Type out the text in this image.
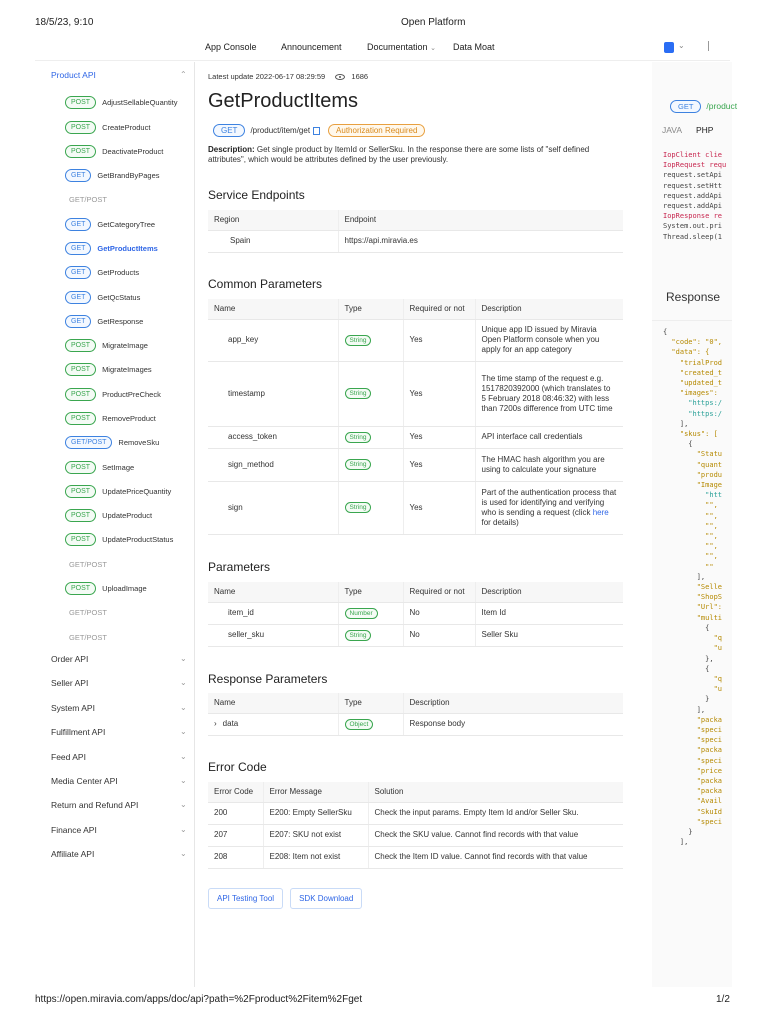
18/5/23, 9:10	Open Platform
https://open.miravia.com/apps/doc/api?path=%2Fproduct%2Fitem%2Fget	1/2
App Console	Announcement	Documentation ⌄ Data Moat	⌄
Product API	⌃
POST	AdjustSellableQuantity
POST	CreateProduct
POST	DeactivateProduct
GET	GetBrandByPages
GET/POST
GET	GetCategoryTree
GET	GetProductItems
GET	GetProducts
GET	GetQcStatus
GET	GetResponse
POST	MigrateImage
POST	MigrateImages
POST	ProductPreCheck
POST	RemoveProduct
GET/POST	RemoveSku
POST	SetImage
POST	UpdatePriceQuantity
POST	UpdateProduct
POST	UpdateProductStatus
GET/POST
POST	UploadImage
GET/POST
GET/POST
Order API	⌄
Seller API	⌄
System API	⌄
Fulfillment API	⌄
Feed API	⌄
Media Center API	⌄
Return and Refund API	⌄
Finance API	⌄
Affiliate API	⌄
Latest update 2022-06-17 08:29:59	1686
GetProductItems
GET	/product/item/get	Authorization Required
Description: Get single product by ItemId or SellerSku. In the response there are some lists of "self defined attributes", which would be attributes defined by the user previously.
Service Endpoints
Region	Endpoint
Spain	https://api.miravia.es
Common Parameters
Name	Type	Required or not	Description
app_key	String	Yes	Unique app ID issued by Miravia Open Platform console when you apply for an app category
timestamp	String	Yes	The time stamp of the request e.g. 1517820392000 (which translates to 5 February 2018 08:46:32) with less than 7200s difference from UTC time
access_token	String	Yes	API interface call credentials
sign_method	String	Yes	The HMAC hash algorithm you are using to calculate your signature
sign	String	Yes	Part of the authentication process that is used for identifying and verifying who is sending a request (click here for details)
Parameters
Name	Type	Required or not	Description
item_id	Number	No	Item Id
seller_sku	String	No	Seller Sku
Response Parameters
Name	Type	Description
› data	Object	Response body
Error Code
Error Code	Error Message	Solution
200	E200: Empty SellerSku	Check the input params. Empty Item Id and/or Seller Sku.
207	E207: SKU not exist	Check the SKU value. Cannot find records with that value
208	E208: Item not exist	Check the Item ID value. Cannot find records with that value
API Testing Tool	SDK Download
GET /product
JAVA PHP
IopClient clie
IopRequest requ
request.setApi
request.setHtt
request.addApi
request.addApi
IopResponse re
System.out.pri
Thread.sleep(1
Response
{
"code": "0",
"data": {
"trialProd
"created_t
"updated_t
"images":
"https:/
"https:/
],
"skus": [
{
"Statu
"quant
"produ
"Image
"htt
"",
"",
"",
"",
"",
"",
""
],
"Selle
"ShopS
"Url":
"multi
{
"q
"u
},
{
"q
"u
}
],
"packa
"speci
"speci
"packa
"speci
"price
"packa
"packa
"Avail
"SkuId
"speci
}
],
